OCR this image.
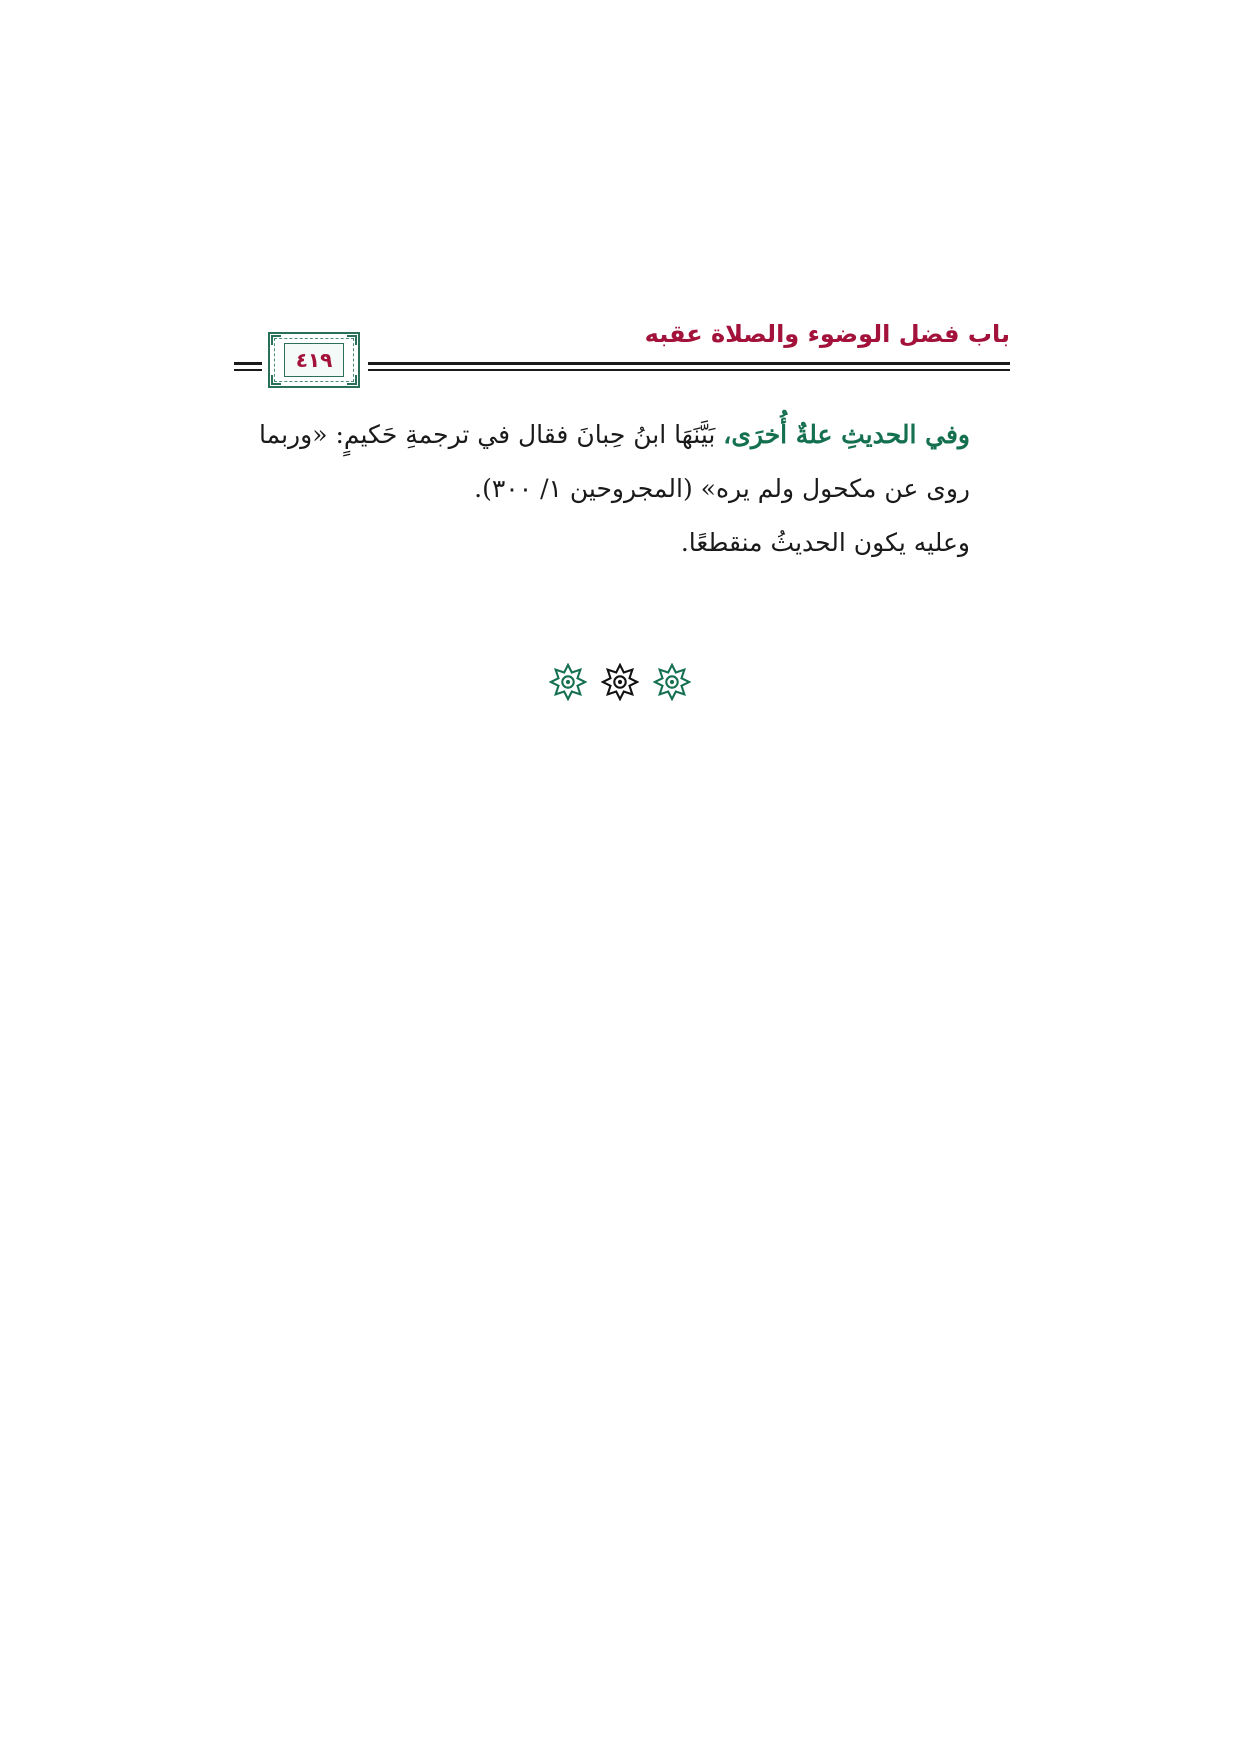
باب فضل الوضوء والصلاة عقبه
٤١٩

وفي الحديثِ علةٌ أُخرَى، بَيَّنَهَا ابنُ حِبانَ فقال في ترجمةِ حَكيمٍ: «وربما
روى عن مكحول ولم يره» (المجروحين ١/ ٣٠٠).

وعليه يكون الحديثُ منقطعًا.
